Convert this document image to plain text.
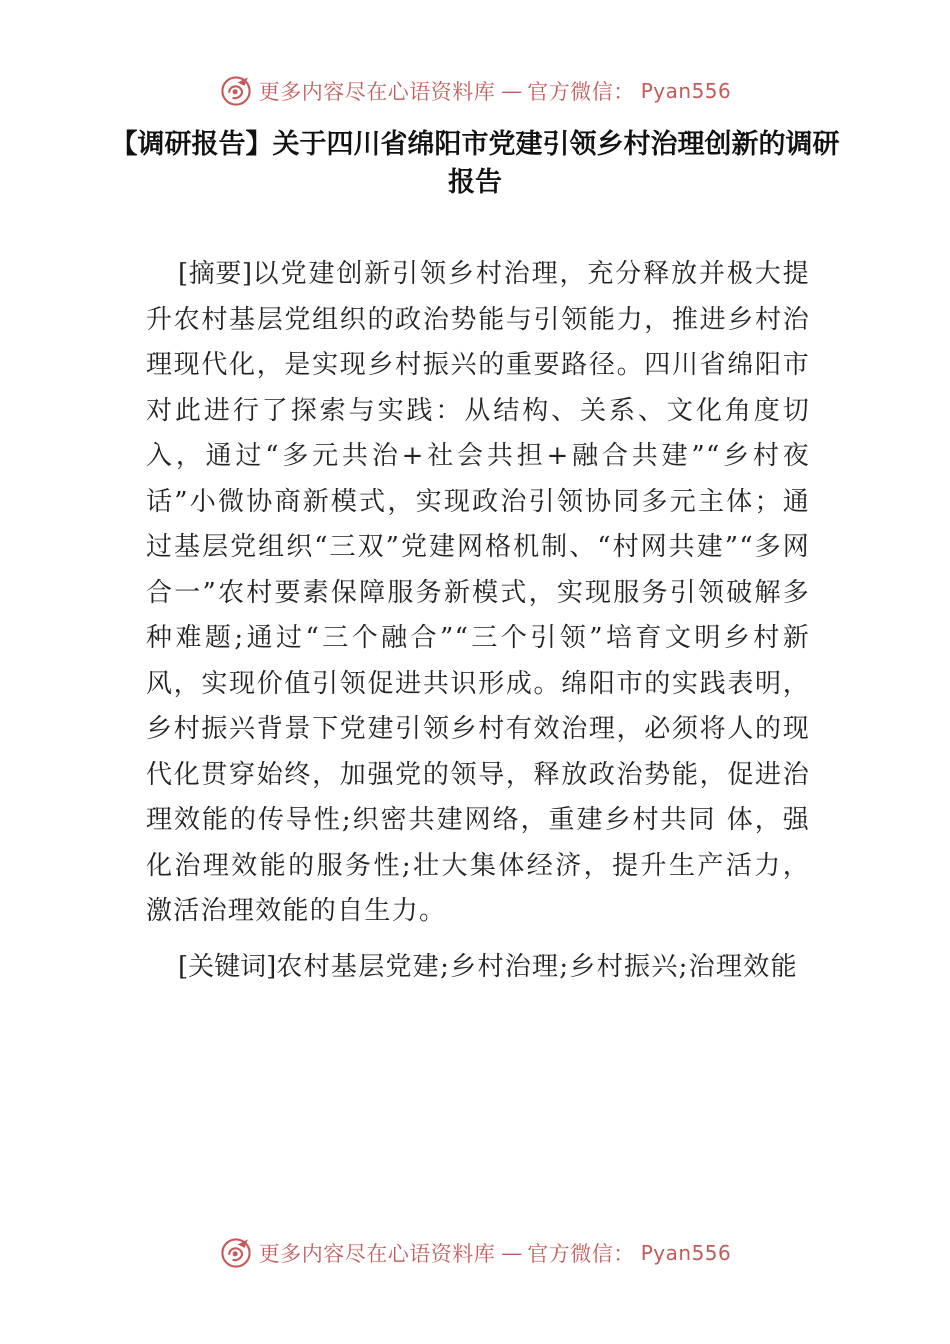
更多内容尽在心语资料库 — 官方微信： Pyan556
【调研报告】关于四川省绵阳市党建引领乡村治理创新的调研报告

[摘要]以党建创新引领乡村治理，充分释放并极大提升农村基层党组织的政治势能与引领能力，推进乡村治理现代化，是实现乡村振兴的重要路径。四川省绵阳市对此进行了探索与实践：从结构、关系、文化角度切入，通过“多元共治+社会共担+融合共建”“乡村夜话”小微协商新模式，实现政治引领协同多元主体；通过基层党组织“三双”党建网格机制、“村网共建”“多网合一”农村要素保障服务新模式，实现服务引领破解多种难题;通过“三个融合”“三个引领”培育文明乡村新风，实现价值引领促进共识形成。绵阳市的实践表明， 乡村振兴背景下党建引领乡村有效治理，必须将人的现代化贯穿始终，加强党的领导，释放政治势能，促进治理效能的传导性;织密共建网络，重建乡村共同 体，强化治理效能的服务性;壮大集体经济，提升生产活力，激活治理效能的自生力。

[关键词]农村基层党建;乡村治理;乡村振兴;治理效能

更多内容尽在心语资料库 — 官方微信： Pyan556
